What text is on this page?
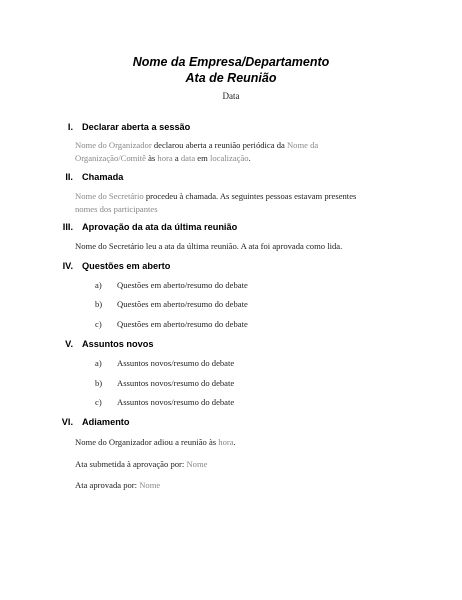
Nome da Empresa/Departamento
Ata de Reunião
Data
I. Declarar aberta a sessão
Nome do Organizador declarou aberta a reunião periódica da Nome da Organização/Comitê às hora a data em localização.
II. Chamada
Nome do Secretário procedeu à chamada. As seguintes pessoas estavam presentes nomes dos participantes
III. Aprovação da ata da última reunião
Nome do Secretário leu a ata da última reunião. A ata foi aprovada como lida.
IV. Questões em aberto
a) Questões em aberto/resumo do debate
b) Questões em aberto/resumo do debate
c) Questões em aberto/resumo do debate
V. Assuntos novos
a) Assuntos novos/resumo do debate
b) Assuntos novos/resumo do debate
c) Assuntos novos/resumo do debate
VI. Adiamento
Nome do Organizador adiou a reunião às hora.
Ata submetida à aprovação por: Nome
Ata aprovada por: Nome
